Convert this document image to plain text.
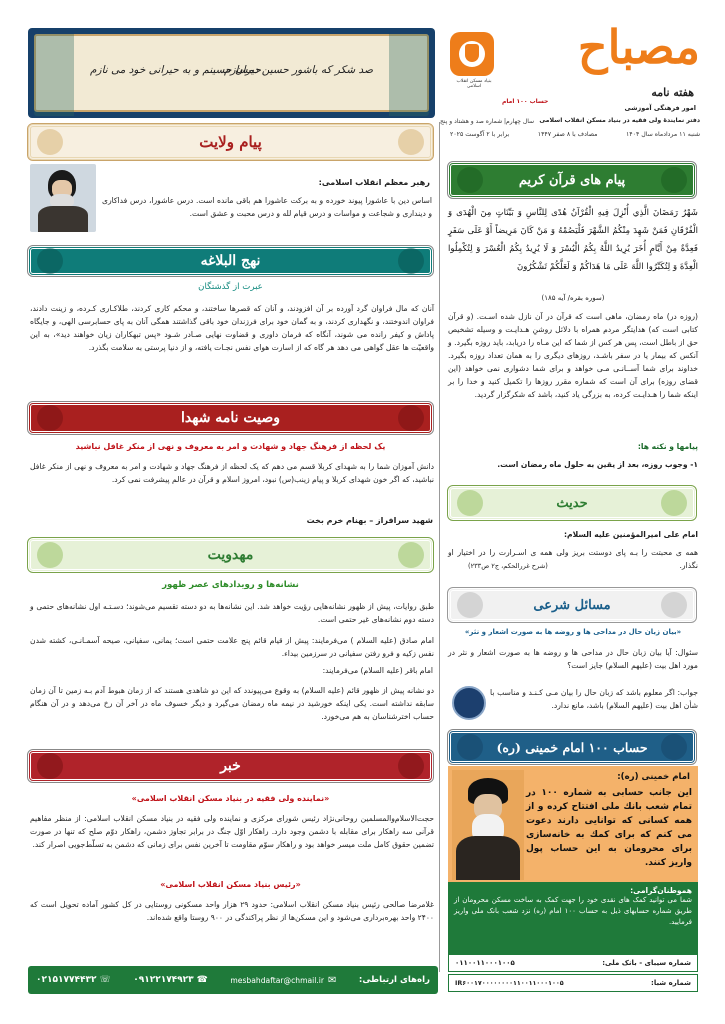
بنیاد مسکن انقلاب اسلامی
حساب ۱۰۰ امام
مصباح
هفته نامه
امور فرهنگی آموزشی
دفتر نمایندهٔ ولی فقیه در بنیاد مسکن انقلاب اسلامی
سال چهارم| شماره صد و هشتاد و پنج
شنبه ۱۱ مردادماه سال ۱۴۰۴
مصادف با ۸ صفر ۱۴۴۷
برابر با ۲ آگوست ۲۰۲۵
صد شکر که باشور حسین دمسازم
حیران حسینم و به حیرانی خود می نازم
پیام ولایت
رهبر معظم انقلاب اسلامی:
اساس دین با عاشورا پیوند خورده و به برکت عاشورا هم باقی مانده است. درس عاشورا، درس فداکاری و دینداری و شجاعت و مواسات و درس قیام لله و درس محبت و عشق است.
نهج البلاغه
عبرت از گذشتگان
آنان که مال فراوان گرد آورده بر آن افزودند، و آنان که قصرها ساختند، و محکم کاری کردند، طلاکـاری کـرده، و زینت دادند، فراوان اندوختند، و نگهداری کردند، و به گمان خود برای فرزندان خود باقی گذاشتند همگی آنان به پای حسابرسی الهی، و جایگاه پاداش و کیفر رانده می شوند، آنگاه که فرمان داوری و قضاوت نهایی صـادر شـود «پس تبهکاران زیان خواهند دید»، به این واقعیّت ها عقل گواهی می دهد هر گاه که از اسارت هوای نفس نجـات یافته، و از دنیا پرستی به سلامت بگذرد.
وصیت نامه شهدا
یک لحظه از فرهنگ جهاد و شهادت و امر به معروف و نهی از منکر غافل نباشید
دانش آموزان شما را به شهدای کربلا قسم می دهم که یک لحظه از فرهنگ جهاد و شهادت و امر به معروف و نهی از منکر غافل نباشید، که اگر خون شهدای کربلا و پیام زینب(س) نبود، امروز اسلام و قرآن در عالم پیشرفت نمی کرد.
شهید سرافراز – بهنام خرم بخت
مهدویت
نشانه‌ها و رویدادهای عصر ظهور
طبق روایات، پیش از ظهور نشانه‌هایی رؤیت خواهد شد. این نشانه‌ها به دو دسته تقسیم می‌شوند؛ دسـتـه اول نشانه‌های حتمی و دسته دوم نشانه‌های غیر حتمی است.
امام صادق (علیه السلام ) می‌فرمایند: پیش از قیام قائم پنج علامت حتمی است؛ یمانی، سفیانی، صیحه آسمـانـی، کشته شدن نفس زکیه و فرو رفتن سفیانی در سرزمین بیداء.
امام باقر (علیه السلام) می‌فرمایند:
دو نشانه پیش از ظهور قائم (علیه السلام) به وقوع می‌پیوندد که این دو شاهدی هستند که از زمان هبوط آدم بـه زمین تا آن زمان سابقه نداشته است. یکی اینکه خورشید در نیمه ماه رمضان می‌گیرد و دیگر خسوف ماه در آخر آن رخ می‌دهد و در آن هنگام حساب اخترشناسان به هم می‌خورد.
خبر
«نماینده ولی فقیه در بنیاد مسکن انقلاب اسلامی»
حجت‌الاسلام‌والمسلمین روحانی‌نژاد رئیس شورای مرکزی و نماینده ولی فقیه در بنیاد مسکن انقلاب اسلامی: از منظر مفاهیم قرآنی سه راهکار برای مقابله با دشمن وجود دارد. راهکار اوّل جنگ در برابر تجاوز دشمن، راهکار دوّم صلح که تنها در صورت تضمین حقوق کامل ملت میسر خواهد بود و راهکار سوّم مقاومت تا آخرین نفس برای زمانی که دشمن به تسلّط‌جویی اصرار کند.
«رئیس بنیاد مسکن انقلاب اسلامی»
غلامرضا صالحی رئیس بنیاد مسکن انقلاب اسلامی: حدود ۲۹ هزار واحد مسکونی روستایی در کل کشور آماده تحویل است که ۲۴۰۰ واحد بهره‌برداری می‌شود و این مسکن‌ها از نظر پراکندگی در ۹۰۰ روستا واقع شده‌اند.
پیام های قرآن کریم
شَهْرُ رَمَضَانَ الَّذِي أُنْزِلَ فِيهِ الْقُرْآنُ هُدًى لِلنَّاسِ وَ بَيِّنَاتٍ مِنَ الْهُدَى وَ الْفُرْقَانِ فَمَنْ شَهِدَ مِنْكُمُ الشَّهْرَ فَلْيَصُمْهُ وَ مَنْ كَانَ مَرِيضاً أَوْ عَلَى سَفَرٍ فَعِدَّةٌ مِنْ أَيَّامٍ أُخَرَ يُرِيدُ اللَّهُ بِكُمُ الْيُسْرَ وَ لَا يُرِيدُ بِكُمُ الْعُسْرَ وَ لِتُكْمِلُوا الْعِدَّةَ وَ لِتُكَبِّرُوا اللَّهَ عَلَى مَا هَدَاكُمْ وَ لَعَلَّكُمْ تَشْكُرُونَ
(سوره بقره/ آیه ۱۸۵)
(روزه در) ماه رمضان، ماهی است که قرآن در آن نازل شده اسـت. (و قرآن کتابی است که) هدایتگر مردم همراه با دلائل روشنِ هـدایـت و وسیله تشخیص حق از باطل است، پس هر کس از شما که این مـاه را دریابد، باید روزه بگیرد. و آنکس که بیمار یا در سفر باشـد، روزهای دیگری را به همان تعداد روزه بگیرد. خداوند برای شما آســانـی مـی خواهد و برای شما دشواری نمی خواهد (این قضای روزه) برای آن است که شماره مقرر روزها را تکمیل کنید و خدا را بر اینکه شما را هـدایـت کرده، به بزرگی یاد کنید، باشد که شکرگزار گردید.
پیامها و نکته ها:
۱- وجوب روزه، بعد از یقین به حلول ماه رمضان است.
حدیث
امام علی امیرالمؤمنین علیه السلام:
همه ی محبتت را بـه پای دوستت بریز ولی همه ی اسـرارت را در اختیار او نگذار.
(شرح غررالحکم، ج۲ ص۲۳۳)
مسائل شرعی
«بیان زبان حال در مداحی ها و روضه ها به صورت اشعار و نثر»
سئوال: آیا بیان زبان حال در مداحی ها و روضه ها به صورت اشعار و نثر در مورد اهل بیت (علیهم السلام) جایز است؟
جواب: اگر معلوم باشد که زبان حال را بیان مـی کـنـد و مناسب با شأن اهل بیت (علیهم السلام) باشد، مانع ندارد.
حساب ۱۰۰ امام خمینی (ره)
امام خمینی (ره):
این جانب حسابی به شماره ۱۰۰ در تمام شعب بانك ملی افتتاح كرده و از همه كسانی كه توانایی دارند دعوت می كنم كه برای كمك به خانه‌سازی برای محرومان به این حساب پول واریز كنند.
هموطنان‌گرامی:
شما می توانید کمک های نقدی خود را جهت کمک به ساخت مسکن محرومان از طریق شماره حسابهای ذیل به حساب ۱۰۰ امام (ره) نزد شعب بانک ملی واریز فرمایید.
شماره سیبای - بانک ملی:
۰۱۱۰۰۱۱۰۰۰۱۰۰۵
شماره شبا:
IR۶۰۰۱۷۰۰۰۰۰۰۰۰۱۱۰۰۱۱۰۰۰۱۰۰۵
راه‌های ارتباطی:
✉
mesbahdaftar@chmail.ir
☎
۰۹۱۲۲۱۷۴۹۲۳
☏
۰۲۱۵۱۷۷۴۴۳۲
